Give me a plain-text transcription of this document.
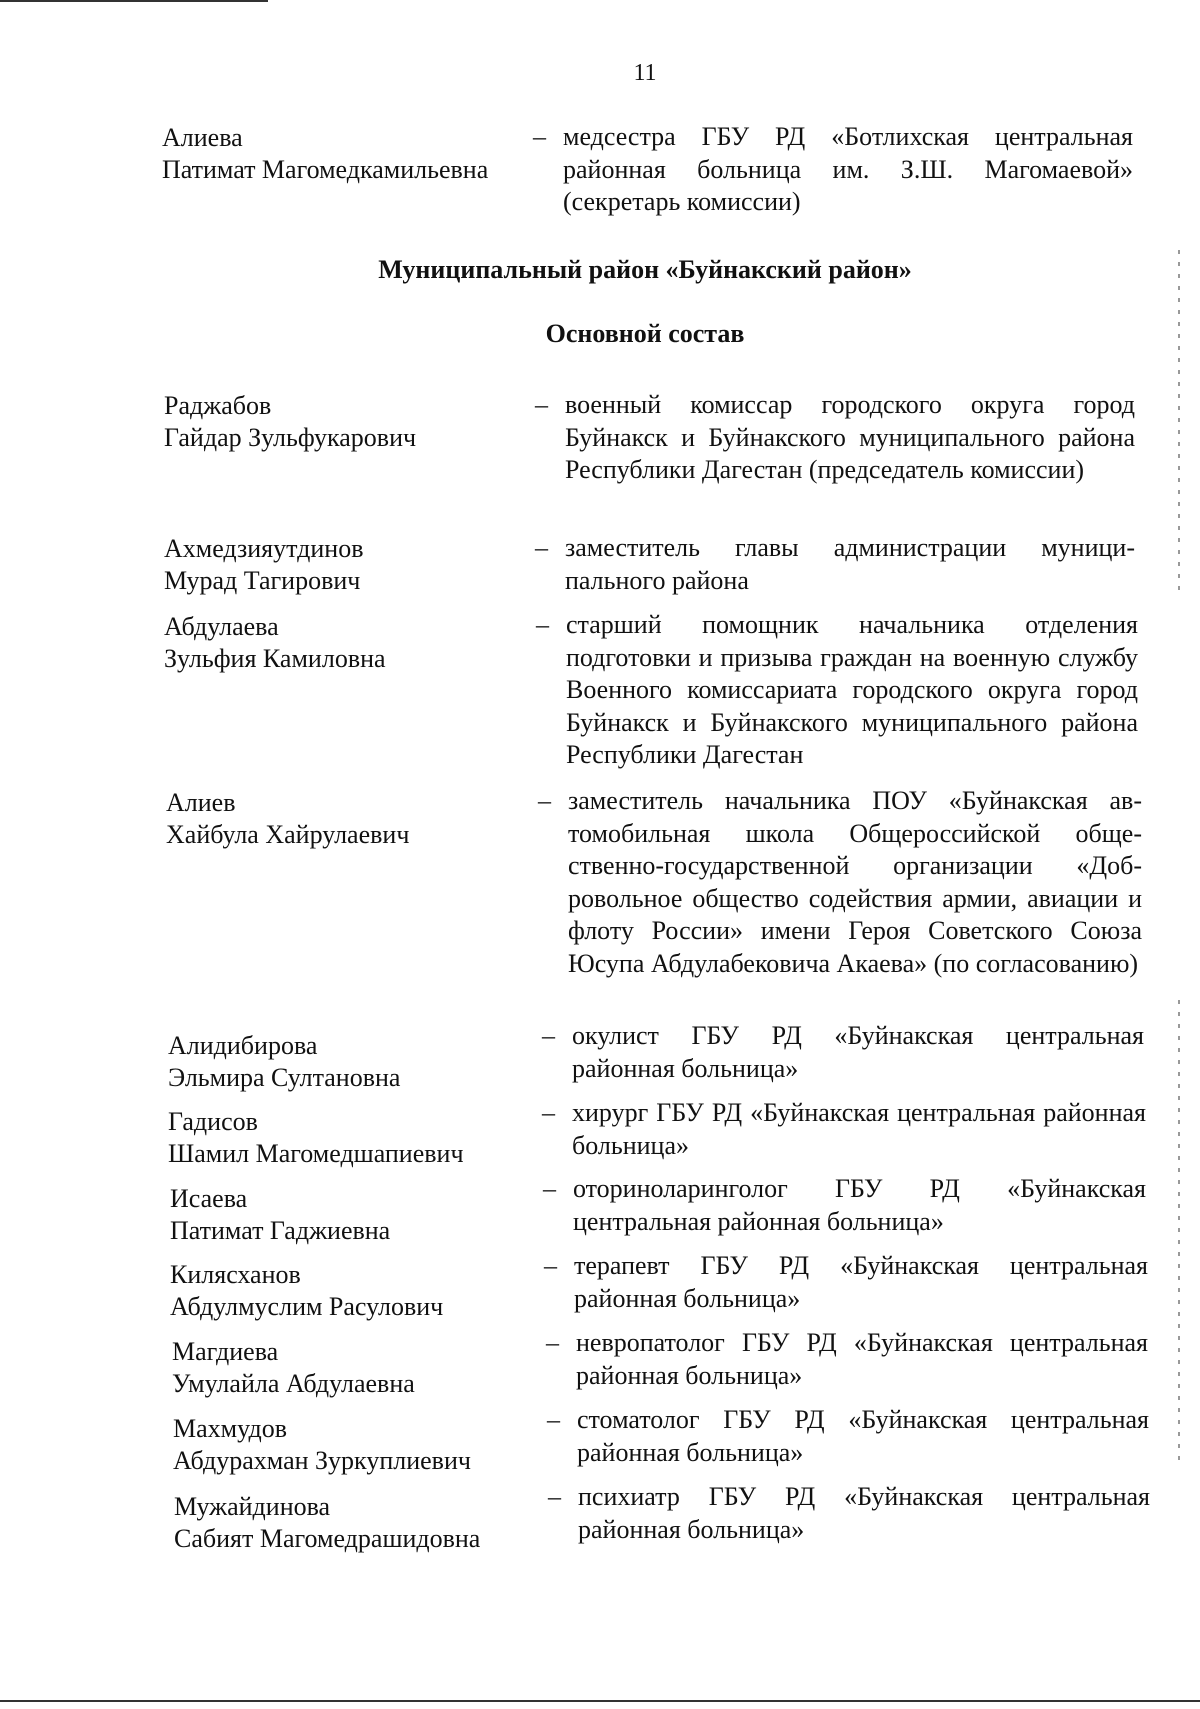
11
Алиева
Патимат Магомедкамильевна
– медсестра ГБУ РД «Ботлихская центральная районная больница им. З.Ш. Магомаевой» (секретарь комиссии)
Муниципальный район «Буйнакский район»
Основной состав
Раджабов
Гайдар Зульфукарович
– военный комиссар городского округа город Буйнакск и Буйнакского муниципального района Республики Дагестан (председатель комиссии)
Ахмедзияутдинов
Мурад Тагирович
– заместитель главы администрации муниципального района
Абдулаева
Зульфия Камиловна
– старший помощник начальника отделения подготовки и призыва граждан на военную службу Военного комиссариата городского округа город Буйнакск и Буйнакского муниципального района Республики Дагестан
Алиев
Хайбула Хайрулаевич
– заместитель начальника ПОУ «Буйнакская автомобильная школа Общероссийской общественно-государственной организации «Добровольное общество содействия армии, авиации и флоту России» имени Героя Советского Союза Юсупа Абдулабековича Акаева» (по согласованию)
Алидибирова
Эльмира Султановна
– окулист ГБУ РД «Буйнакская центральная районная больница»
Гадисов
Шамил Магомедшапиевич
– хирург ГБУ РД «Буйнакская центральная районная больница»
Исаева
Патимат Гаджиевна
– оториноларинголог ГБУ РД «Буйнакская центральная районная больница»
Килясханов
Абдулмуслим Расулович
– терапевт ГБУ РД «Буйнакская центральная районная больница»
Магдиева
Умулайла Абдулаевна
– невропатолог ГБУ РД «Буйнакская центральная районная больница»
Махмудов
Абдурахман Зуркуплиевич
– стоматолог ГБУ РД «Буйнакская центральная районная больница»
Мужайдинова
Сабият Магомедрашидовна
– психиатр ГБУ РД «Буйнакская центральная районная больница»
